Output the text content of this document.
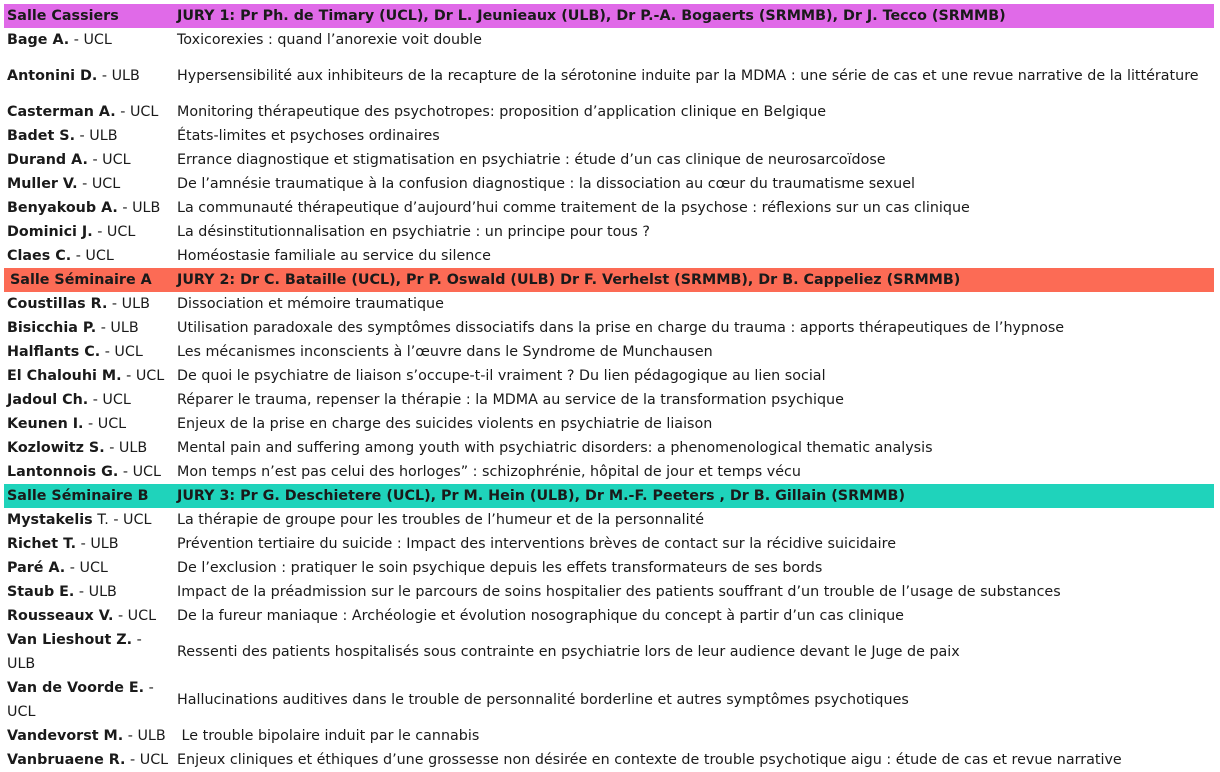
Salle Cassiers	JURY 1: Pr Ph. de Timary (UCL), Dr L. Jeunieaux (ULB), Dr P.-A. Bogaerts (SRMMB), Dr J. Tecco (SRMMB)
Bage A. - UCL	Toxicorexies : quand l’anorexie voit double
Antonini D. - ULB	Hypersensibilité aux inhibiteurs de la recapture de la sérotonine induite par la MDMA : une série de cas et une revue narrative de la littérature
Casterman A. - UCL	Monitoring thérapeutique des psychotropes: proposition d’application clinique en Belgique
Badet S. - ULB	États-limites et psychoses ordinaires
Durand A. - UCL	Errance diagnostique et stigmatisation en psychiatrie : étude d’un cas clinique de neurosarcoïdose
Muller V. - UCL	De l’amnésie traumatique à la confusion diagnostique : la dissociation au cœur du traumatisme sexuel
Benyakoub A. - ULB	La communauté thérapeutique d’aujourd’hui comme traitement de la psychose : réflexions sur un cas clinique
Dominici J. - UCL	La désinstitutionnalisation en psychiatrie : un principe pour tous ?
Claes C. - UCL	Homéostasie familiale au service du silence
Salle Séminaire A	JURY 2: Dr C. Bataille (UCL), Pr P. Oswald (ULB) Dr F. Verhelst (SRMMB), Dr B. Cappeliez (SRMMB)
Coustillas R. - ULB	Dissociation et mémoire traumatique
Bisicchia P. - ULB	Utilisation paradoxale des symptômes dissociatifs dans la prise en charge du trauma : apports thérapeutiques de l’hypnose
Halflants C. - UCL	Les mécanismes inconscients à l’œuvre dans le Syndrome de Munchausen
El Chalouhi M. - UCL	De quoi le psychiatre de liaison s’occupe-t-il vraiment ? Du lien pédagogique au lien social
Jadoul Ch. - UCL	Réparer le trauma, repenser la thérapie : la MDMA au service de la transformation psychique
Keunen I. - UCL	Enjeux de la prise en charge des suicides violents en psychiatrie de liaison
Kozlowitz S. - ULB	Mental pain and suffering among youth with psychiatric disorders: a phenomenological thematic analysis
Lantonnois G. - UCL	Mon temps n’est pas celui des horloges” : schizophrénie, hôpital de jour et temps vécu
Salle Séminaire B	JURY 3: Pr G. Deschietere (UCL), Pr M. Hein (ULB), Dr M.-F. Peeters , Dr B. Gillain (SRMMB)
Mystakelis T. - UCL	La thérapie de groupe pour les troubles de l’humeur et de la personnalité
Richet T. - ULB	Prévention tertiaire du suicide : Impact des interventions brèves de contact sur la récidive suicidaire
Paré A. - UCL	De l’exclusion : pratiquer le soin psychique depuis les effets transformateurs de ses bords
Staub E. - ULB	Impact de la préadmission sur le parcours de soins hospitalier des patients souffrant d’un trouble de l’usage de substances
Rousseaux V. - UCL	De la fureur maniaque : Archéologie et évolution nosographique du concept à partir d’un cas clinique
Van Lieshout Z. - ULB	Ressenti des patients hospitalisés sous contrainte en psychiatrie lors de leur audience devant le Juge de paix
Van de Voorde E. - UCL	Hallucinations auditives dans le trouble de personnalité borderline et autres symptômes psychotiques
Vandevorst M. - ULB	Le trouble bipolaire induit par le cannabis
Vanbruaene R. - UCL	Enjeux cliniques et éthiques d’une grossesse non désirée en contexte de trouble psychotique aigu : étude de cas et revue narrative
